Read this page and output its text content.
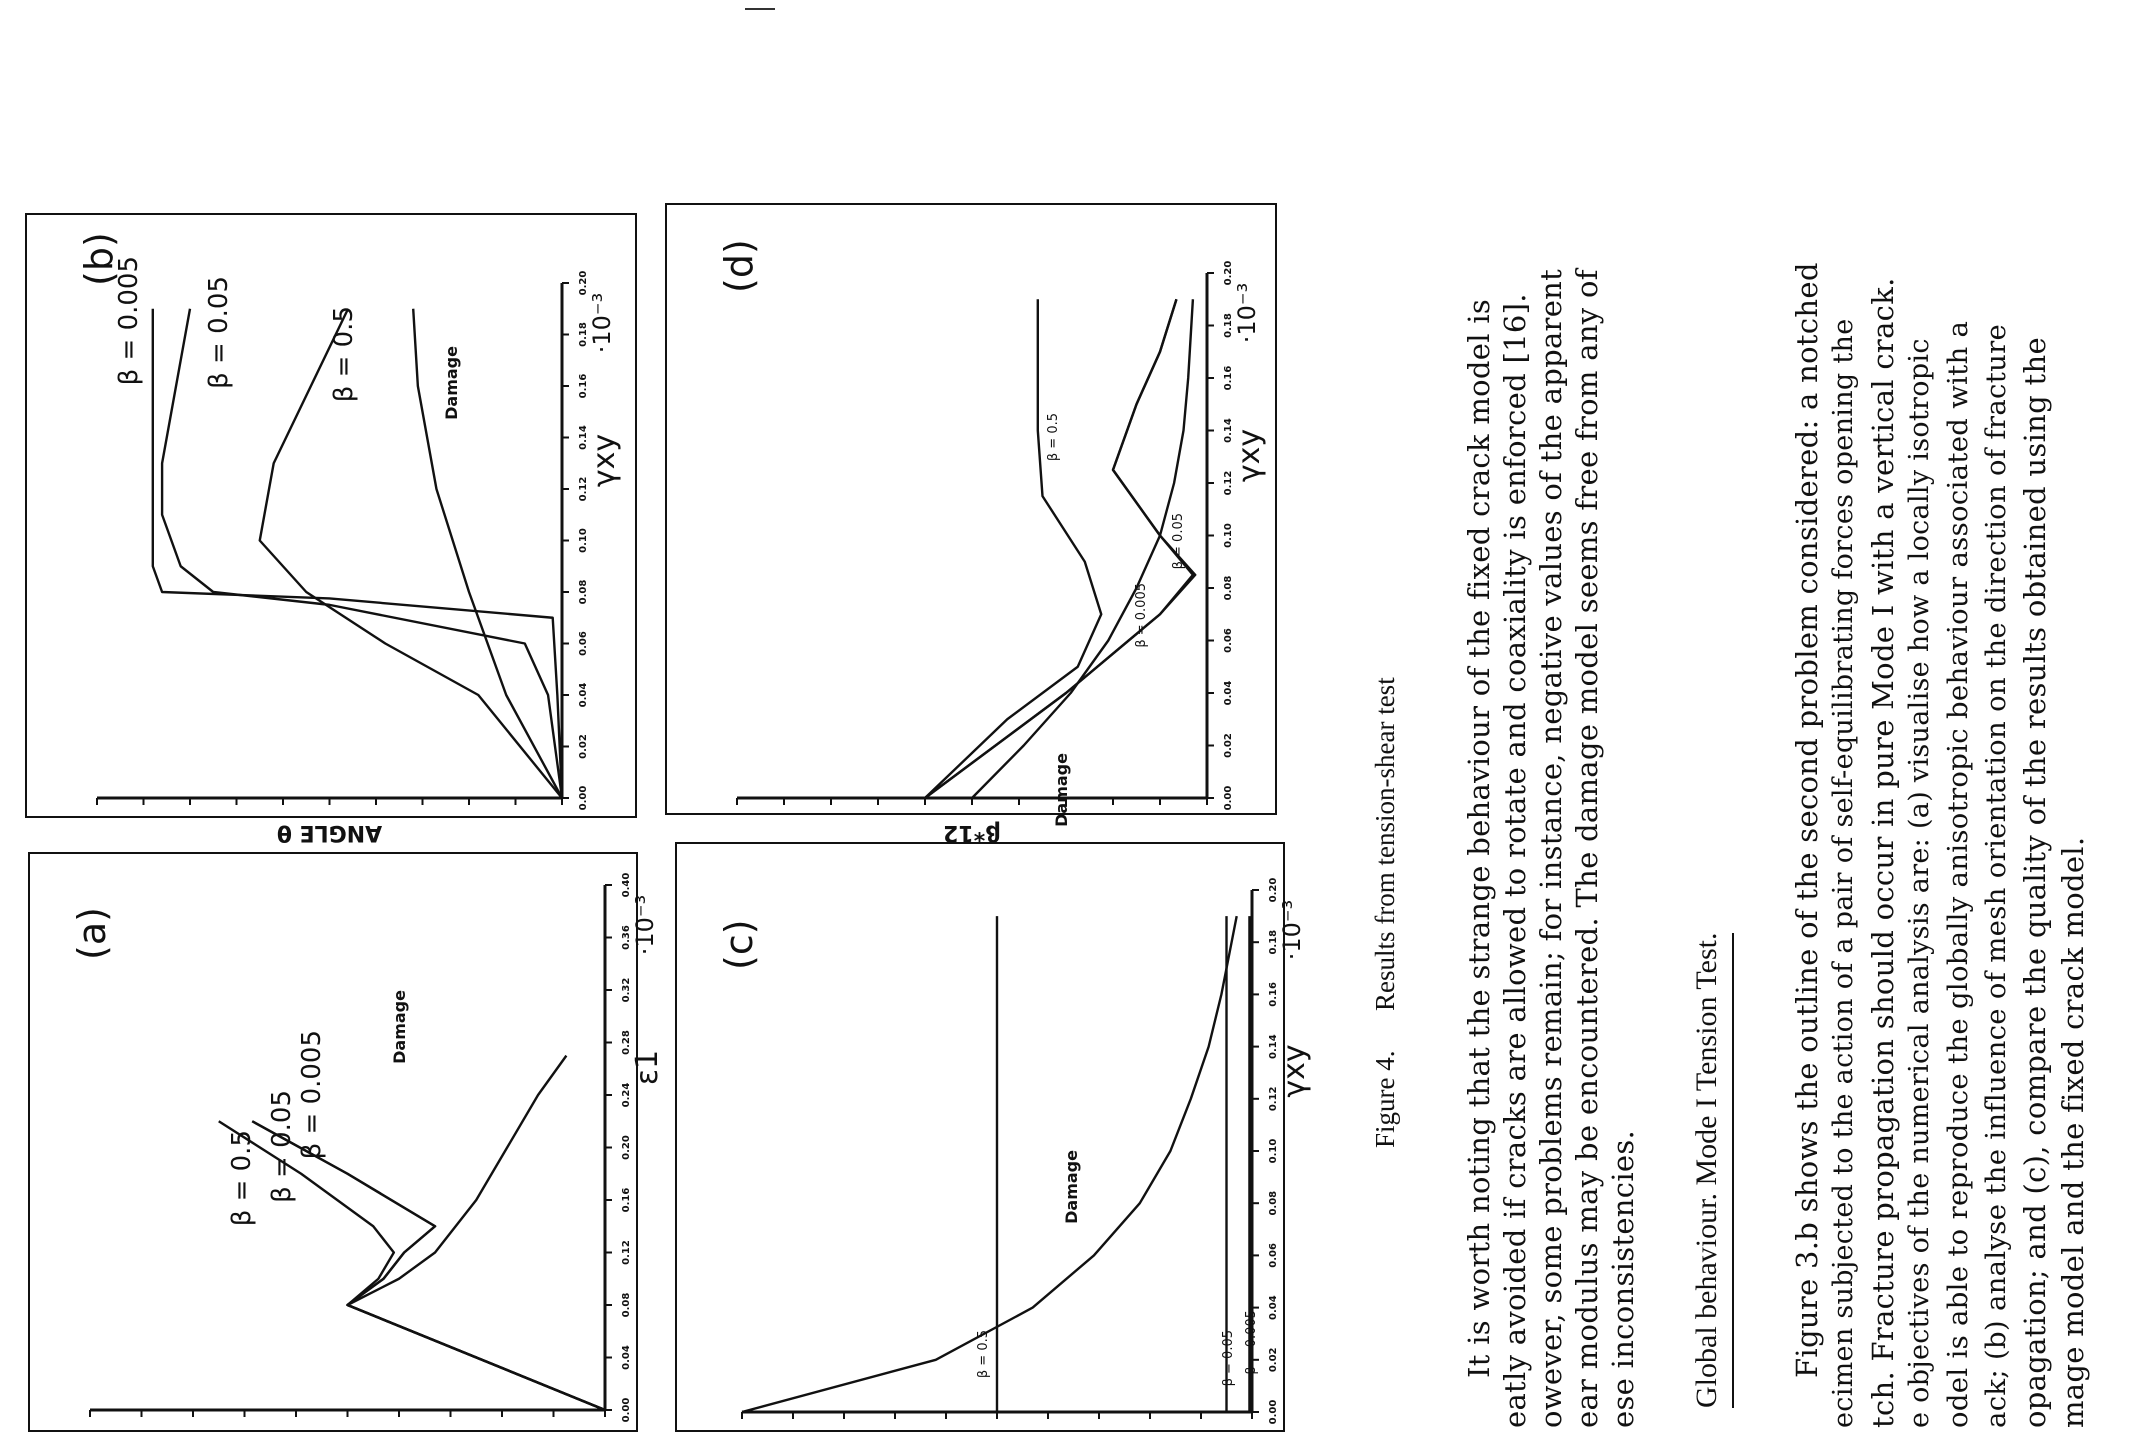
0.00
0.04
0.08
0.12
0.16
0.20
0.24
0.28
0.32
0.36
0.40
β = 0.5 β = 0.05 β = 0.005
Damage
ε1
·10⁻³
(a)
0.00
0.02
0.04
0.06
0.08
0.10
0.12
0.14
0.16
0.18
0.20
β = 0.005 β = 0.05	β = 0.5	Damage
γxy
·10⁻³
ANGLE θ
(b)
0.00
0.02
0.04
0.06
0.08
0.10
0.12
0.14
0.16
0.18
0.20
β = 0.5
Damage
β = 0.05 β = 0.005
γxy
·10⁻³
(c)
0.00
0.02
0.04
0.06
0.08
0.10
0.12
0.14
0.16
0.18
0.20
β = 0.5
β = 0.05
β = 0.005
Damage
γxy
·10⁻³
β*12
(d)
Figure 4.  Results from tension-shear test It is worth noting that the strange behaviour of the fixed crack model is eatly avoided if cracks are allowed to rotate and coaxiality is enforced [16]. owever, some problems remain; for instance, negative values of the apparent ear modulus may be encountered. The damage model seems free from any of ese inconsistencies. Global behaviour. Mode I Tension Test.	Figure 3.b shows the outline of the second problem considered: a notched ecimen subjected to the action of a pair of self-equilibrating forces opening the tch. Fracture propagation should occur in pure Mode I with a vertical crack. e objectives of the numerical analysis are: (a) visualise how a locally isotropic odel is able to reproduce the globally anisotropic behaviour associated with a ack; (b) analyse the influence of mesh orientation on the direction of fracture opagation; and (c), compare the quality of the results obtained using the mage model and the fixed crack model.
